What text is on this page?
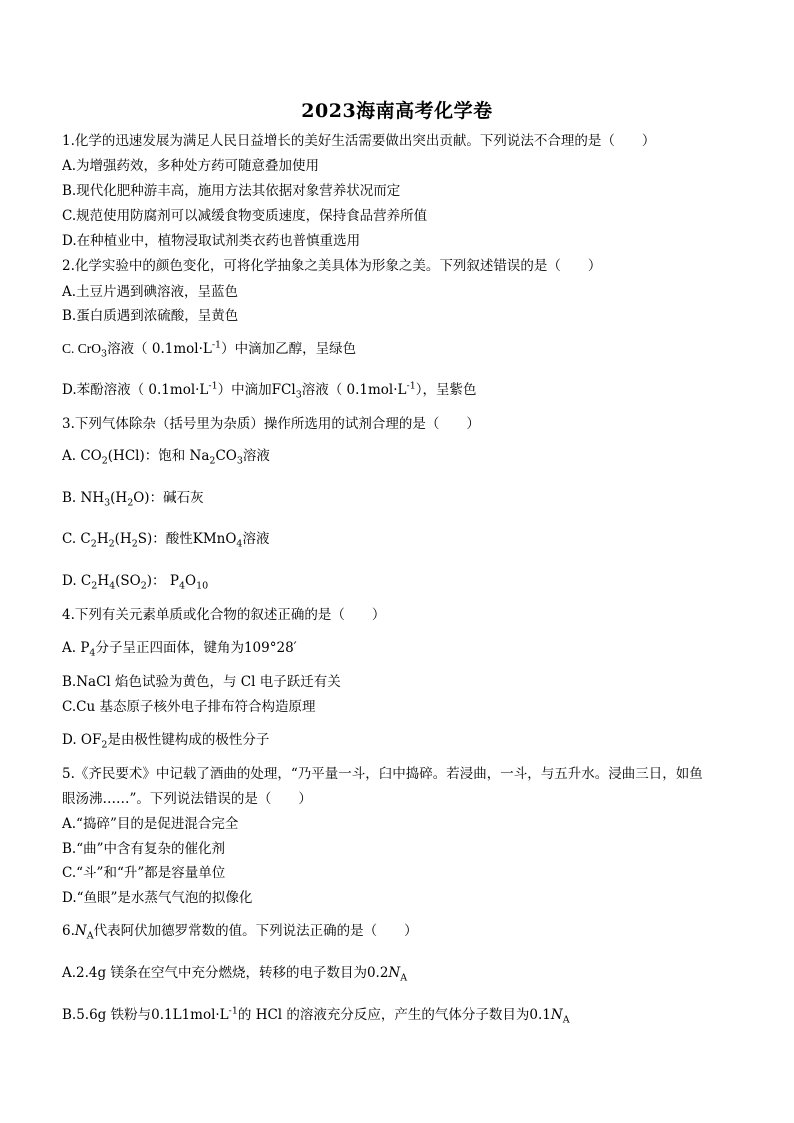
2023海南高考化学卷
1.化学的迅速发展为满足人民日益增长的美好生活需要做出突出贡献。下列说法不合理的是（　　）
A.为增强药效，多种处方药可随意叠加使用
B.现代化肥种游丰高，施用方法其依据对象营养状况而定
C.规范使用防腐剂可以减缓食物变质速度，保持食品营养所值
D.在种植业中，植物浸取试剂类衣药也普慎重选用
2.化学实验中的颜色变化，可将化学抽象之美具体为形象之美。下列叙述错误的是（　　）
A.土豆片遇到碘溶液，呈蓝色
B.蛋白质遇到浓硫酸，呈黄色
C. CrO$_3$溶液（ $0.1mol\cdot L^{-1}$）中滴加乙醇，呈绿色
D.苯酚溶液（ $0.1mol\cdot L^{-1}$）中滴加FCl$_3$溶液（ $0.1mol\cdot L^{-1}$），呈紫色
3.下列气体除杂（括号里为杂质）操作所选用的试剂合理的是（　　）
A. $CO_2(HCl)$：饱和 $Na_2CO_3$溶液
B. $NH_3(H_2O)$：碱石灰
C. $C_2H_2(H_2S)$：酸性KMnO$_4$溶液
D. $C_2H_4(SO_2)$： $P_4O_{10}$
4.下列有关元素单质或化合物的叙述正确的是（　　）
A. $P_4$分子呈正四面体，键角为109°28′
B.NaCl 焰色试验为黄色，与 Cl 电子跃迁有关
C.Cu 基态原子核外电子排布符合构造原理
D. $OF_2$是由极性键构成的极性分子
5.《齐民要术》中记载了酒曲的处理，“乃平量一斗，臼中捣碎。若浸曲，一斗，与五升水。浸曲三日，如鱼
眼汤沸……”。下列说法错误的是（　　）
A.“捣碎”目的是促进混合完全
B.“曲”中含有复杂的催化剂
C.“斗”和“升”都是容量单位
D.“鱼眼”是水蒸气气泡的拟像化
$6.N_A$代表阿伏加德罗常数的值。下列说法正确的是（　　）
A.2.4g 镁条在空气中充分燃烧，转移的电子数目为$0.2N_A$
B.5.6g 铁粉与$0.1L1mol\cdot L^{-1}$的 HCl 的溶液充分反应，产生的气体分子数目为$0.1N_A$
